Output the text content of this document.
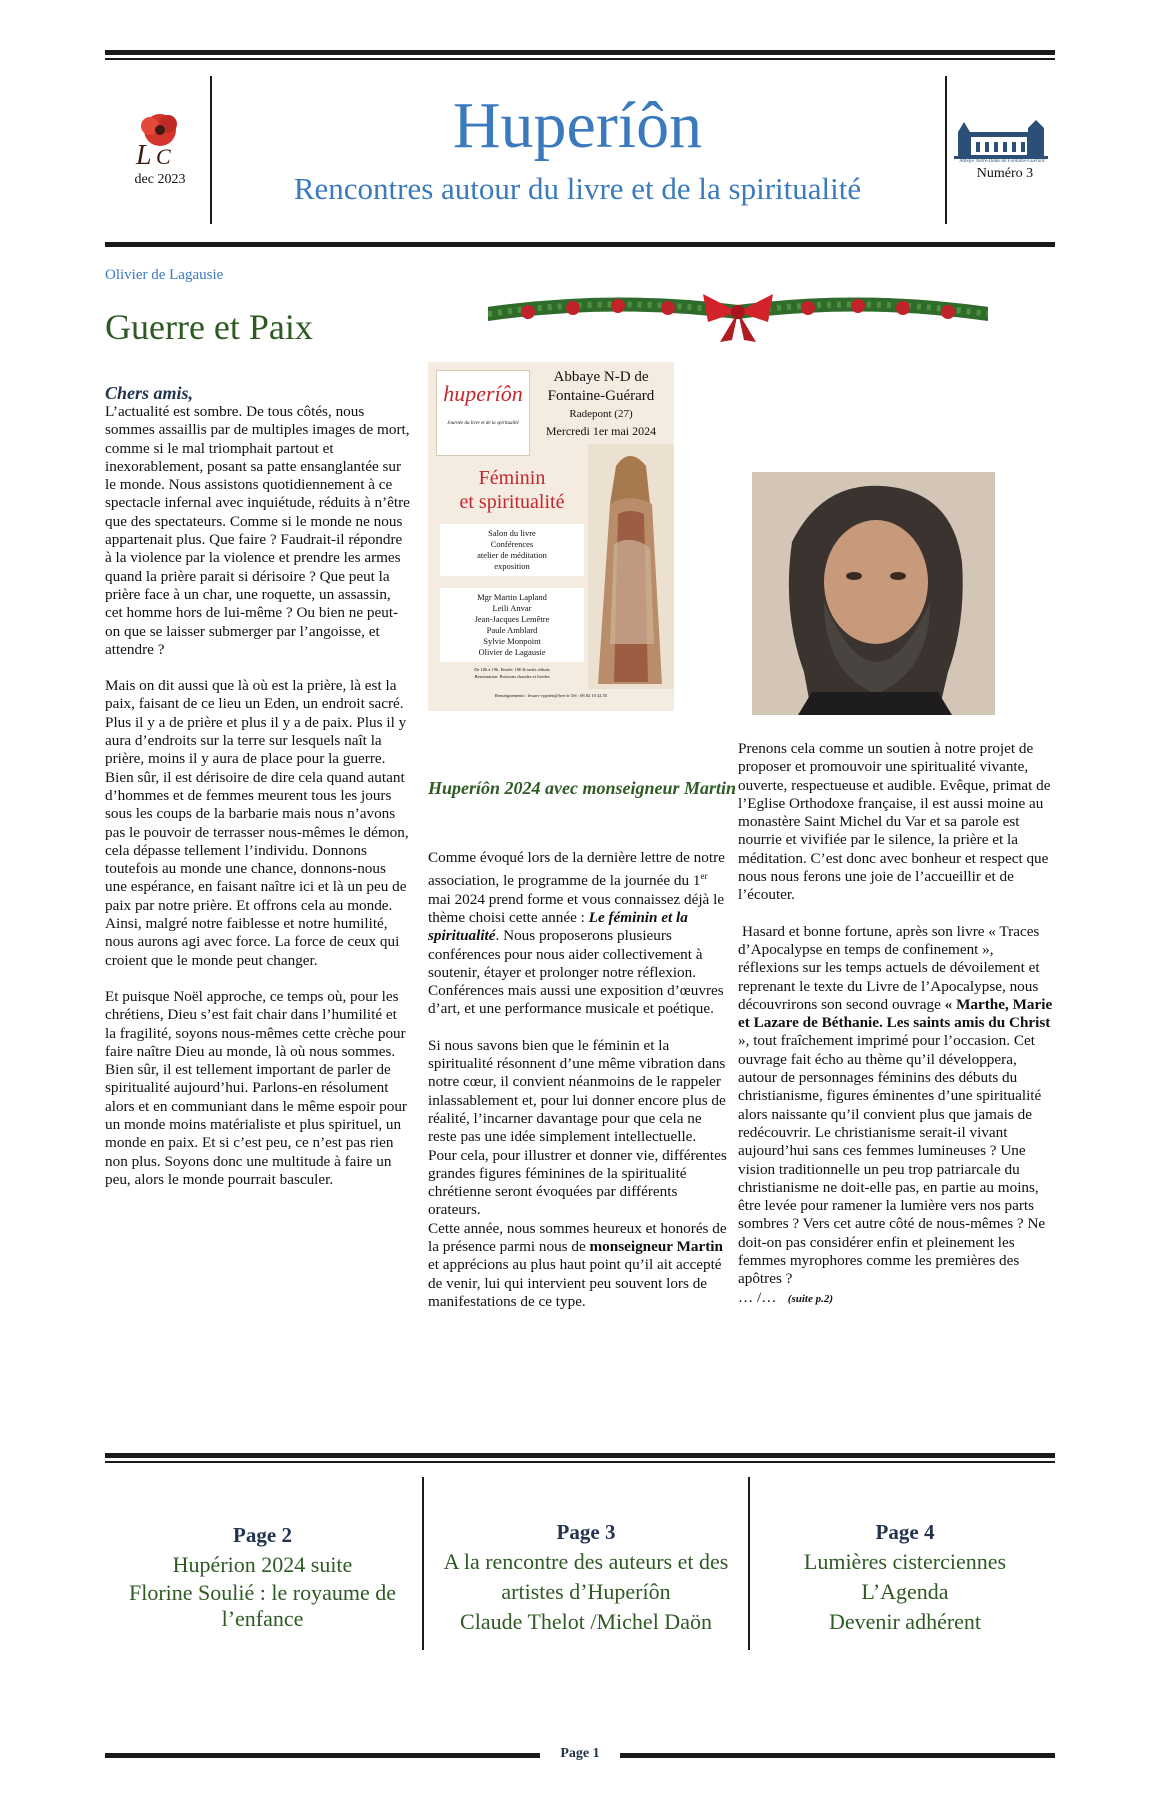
L C
dec 2023
Huperíôn
Rencontres autour du livre et de la spiritualité
Abbaye Notre-Dame de Fontaine-Guérard
Numéro 3
Olivier de Lagausie
Guerre et Paix

Chers amis,

L’actualité est sombre. De tous côtés, nous sommes assaillis par de multiples images de mort, comme si le mal triomphait partout et inexorablement, posant sa patte ensanglantée sur le monde. Nous assistons quotidiennement à ce spectacle infernal avec inquiétude, réduits à n’être que des spectateurs. Comme si le monde ne nous appartenait plus. Que faire ? Faudrait-il répondre à la violence par la violence et prendre les armes quand la prière parait si dérisoire ? Que peut la prière face à un char, une roquette, un assassin, cet homme hors de lui-même ? Ou bien ne peut-on que se laisser submerger par l’angoisse, et attendre ?

Mais on dit aussi que là où est la prière, là est la paix, faisant de ce lieu un Eden, un endroit sacré. Plus il y a de prière et plus il y a de paix. Plus il y aura d’endroits sur la terre sur lesquels naît la prière, moins il y aura de place pour la guerre.

Bien sûr, il est dérisoire de dire cela quand autant d’hommes et de femmes meurent tous les jours sous les coups de la barbarie mais nous n’avons pas le pouvoir de terrasser nous-mêmes le démon, cela dépasse tellement l’individu. Donnons toutefois au monde une chance, donnons-nous une espérance, en faisant naître ici et là un peu de paix par notre prière. Et offrons cela au monde. Ainsi, malgré notre faiblesse et notre humilité, nous aurons agi avec force. La force de ceux qui croient que le monde peut changer.

Et puisque Noël approche, ce temps où, pour les chrétiens, Dieu s’est fait chair dans l’humilité et la fragilité, soyons nous-mêmes cette crèche pour faire naître Dieu au monde, là où nous sommes.

Bien sûr, il est tellement important de parler de spiritualité aujourd’hui. Parlons-en résolument alors et en communiant dans le même espoir pour un monde moins matérialiste et plus spirituel, un monde en paix. Et si c’est peu, ce n’est pas rien non plus. Soyons donc une multitude à faire un peu, alors le monde pourrait basculer.

huperíôn
Journée du livre et de la spiritualité
Abbaye N-D de
Fontaine-Guérard
Radepont (27)
Mercredi 1er mai 2024
Féminin
et spiritualité
Salon du livre
Conférences
atelier de méditation
exposition
Mgr Martin Lapland
Leili Anvar
Jean-Jacques Lemêtre
Paule Amblard
Sylvie Monpoint
Olivier de Lagausie
De 10h à 19h. Entrée: 10€ & tarifs réduits
Restauration: Boissons chaudes et froides
Renseignements : lesaov-cyprien@free.fr Tél : 06 82 10 42 55
Huperíôn 2024 avec monseigneur Martin

Comme évoqué lors de la dernière lettre de notre association, le programme de la journée du 1er mai 2024 prend forme et vous connaissez déjà le thème choisi cette année : Le féminin et la spiritualité. Nous proposerons plusieurs conférences pour nous aider collectivement à soutenir, étayer et prolonger notre réflexion. Conférences mais aussi une exposition d’œuvres d’art, et une performance musicale et poétique.

Si nous savons bien que le féminin et la spiritualité résonnent d’une même vibration dans notre cœur, il convient néanmoins de le rappeler inlassablement et, pour lui donner encore plus de réalité, l’incarner davantage pour que cela ne reste pas une idée simplement intellectuelle. Pour cela, pour illustrer et donner vie, différentes grandes figures féminines de la spiritualité chrétienne seront évoquées par différents orateurs.

Cette année, nous sommes heureux et honorés de la présence parmi nous de monseigneur Martin et apprécions au plus haut point qu’il ait accepté de venir, lui qui intervient peu souvent lors de manifestations de ce type.

Prenons cela comme un soutien à notre projet de proposer et promouvoir une spiritualité vivante, ouverte, respectueuse et audible. Evêque, primat de l’Eglise Orthodoxe française, il est aussi moine au monastère Saint Michel du Var et sa parole est nourrie et vivifiée par le silence, la prière et la méditation. C’est donc avec bonheur et respect que nous nous ferons une joie de l’accueillir et de l’écouter.

Hasard et bonne fortune, après son livre « Traces d’Apocalypse en temps de confinement », réflexions sur les temps actuels de dévoilement et reprenant le texte du Livre de l’Apocalypse, nous découvrirons son second ouvrage « Marthe, Marie et Lazare de Béthanie. Les saints amis du Christ », tout fraîchement imprimé pour l’occasion. Cet ouvrage fait écho au thème qu’il développera, autour de personnages féminins des débuts du christianisme, figures éminentes d’une spiritualité alors naissante qu’il convient plus que jamais de redécouvrir. Le christianisme serait-il vivant aujourd’hui sans ces femmes lumineuses ? Une vision traditionnelle un peu trop patriarcale du christianisme ne doit-elle pas, en partie au moins, être levée pour ramener la lumière vers nos parts sombres ? Vers cet autre côté de nous-mêmes ? Ne doit-on pas considérer enfin et pleinement les femmes myrophores comme les premières des apôtres ?

… /… (suite p.2)

Page 2
Hupérion 2024 suite
Florine Soulié : le royaume de l’enfance
Page 3
A la rencontre des auteurs et des artistes d’Huperíôn
Claude Thelot /Michel Daön
Page 4
Lumières cisterciennes
L’Agenda
Devenir adhérent
Page 1
